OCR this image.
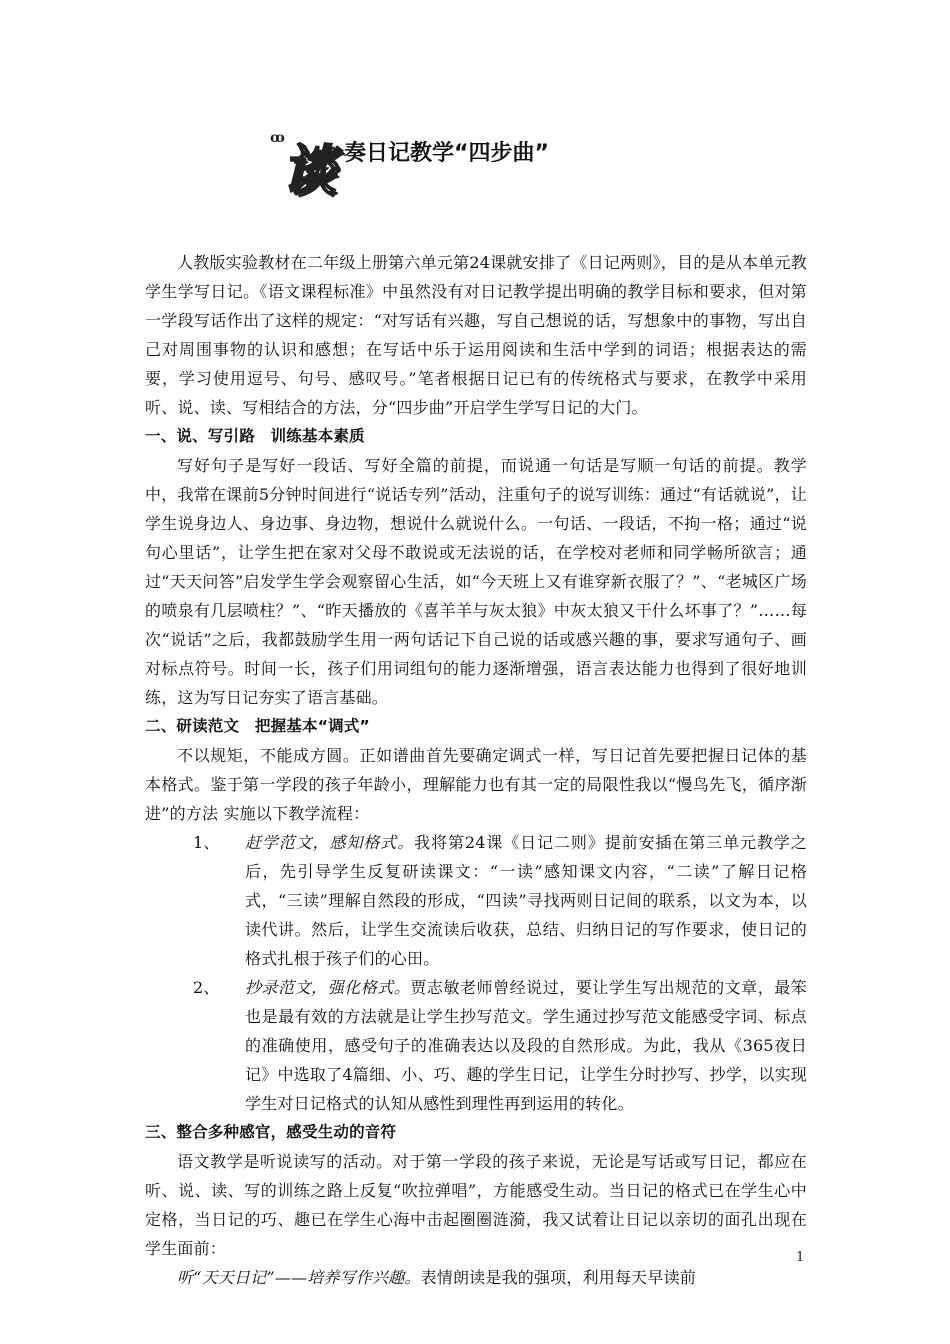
ꝏ
谈 奏日记教学“四步曲”

人教版实验教材在二年级上册第六单元第24课就安排了《日记两则》，目的是从本单元教学生学写日记。《语文课程标准》中虽然没有对日记教学提出明确的教学目标和要求，但对第一学段写话作出了这样的规定：“对写话有兴趣，写自己想说的话，写想象中的事物，写出自己对周围事物的认识和感想；在写话中乐于运用阅读和生活中学到的词语；根据表达的需要，学习使用逗号、句号、感叹号。”笔者根据日记已有的传统格式与要求，在教学中采用听、说、读、写相结合的方法，分“四步曲”开启学生学写日记的大门。

一、说、写引路　训练基本素质

写好句子是写好一段话、写好全篇的前提，而说通一句话是写顺一句话的前提。教学中，我常在课前5分钟时间进行“说话专列”活动，注重句子的说写训练：通过“有话就说”，让学生说身边人、身边事、身边物，想说什么就说什么。一句话、一段话，不拘一格；通过“说句心里话”，让学生把在家对父母不敢说或无法说的话，在学校对老师和同学畅所欲言；通过“天天问答”启发学生学会观察留心生活，如“今天班上又有谁穿新衣服了？”、“老城区广场的喷泉有几层喷柱？”、“昨天播放的《喜羊羊与灰太狼》中灰太狼又干什么坏事了？”……每次“说话”之后，我都鼓励学生用一两句话记下自己说的话或感兴趣的事，要求写通句子、画对标点符号。时间一长，孩子们用词组句的能力逐渐增强，语言表达能力也得到了很好地训练，这为写日记夯实了语言基础。

二、研读范文　把握基本“调式”

不以规矩，不能成方圆。正如谱曲首先要确定调式一样，写日记首先要把握日记体的基本格式。鉴于第一学段的孩子年龄小，理解能力也有其一定的局限性我以“慢鸟先飞，循序渐进”的方法 实施以下教学流程：

1、	赶学范文，感知格式。我将第24课《日记二则》提前安插在第三单元教学之后，先引导学生反复研读课文：“一读”感知课文内容，“二读”了解日记格式，“三读”理解自然段的形成，“四读”寻找两则日记间的联系，以文为本，以读代讲。然后，让学生交流读后收获，总结、归纳日记的写作要求，使日记的格式扎根于孩子们的心田。
2、	抄录范文，强化格式。贾志敏老师曾经说过，要让学生写出规范的文章，最笨也是最有效的方法就是让学生抄写范文。学生通过抄写范文能感受字词、标点的准确使用，感受句子的准确表达以及段的自然形成。为此，我从《365夜日记》中选取了4篇细、小、巧、趣的学生日记，让学生分时抄写、抄学，以实现学生对日记格式的认知从感性到理性再到运用的转化。

三、整合多种感官，感受生动的音符

语文教学是听说读写的活动。对于第一学段的孩子来说，无论是写话或写日记，都应在听、说、读、写的训练之路上反复“吹拉弹唱”，方能感受生动。当日记的格式已在学生心中定格，当日记的巧、趣已在学生心海中击起圈圈涟漪，我又试着让日记以亲切的面孔出现在学生面前：

听“天天日记”——培养写作兴趣。表情朗读是我的强项，利用每天早读前

1
